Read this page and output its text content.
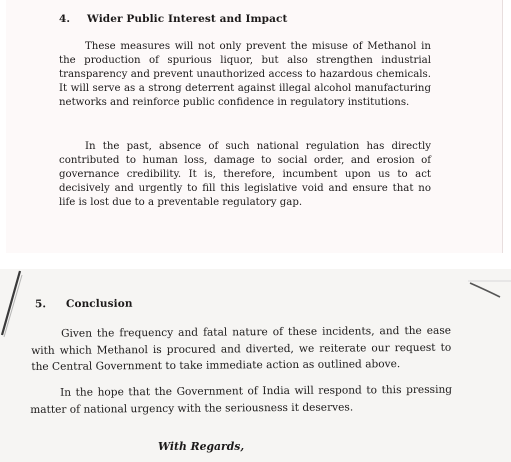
4. Wider Public Interest and Impact

These measures will not only prevent the misuse of Methanol in the production of spurious liquor, but also strengthen industrial transparency and prevent unauthorized access to hazardous chemicals. It will serve as a strong deterrent against illegal alcohol manufacturing networks and reinforce public confidence in regulatory institutions.

In the past, absence of such national regulation has directly contributed to human loss, damage to social order, and erosion of governance credibility. It is, therefore, incumbent upon us to act decisively and urgently to fill this legislative void and ensure that no life is lost due to a preventable regulatory gap.

5. Conclusion

Given the frequency and fatal nature of these incidents, and the ease with which Methanol is procured and diverted, we reiterate our request to the Central Government to take immediate action as outlined above.

In the hope that the Government of India will respond to this pressing matter of national urgency with the seriousness it deserves.

With Regards,
